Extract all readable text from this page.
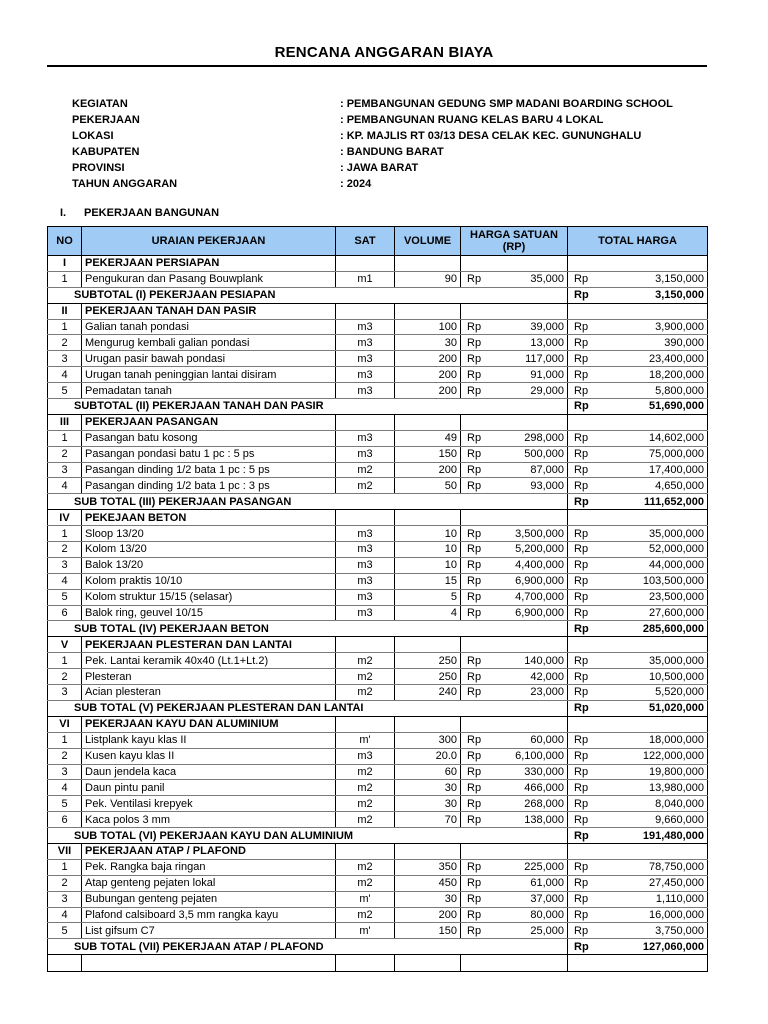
RENCANA ANGGARAN BIAYA
KEGIATAN	: PEMBANGUNAN GEDUNG SMP MADANI BOARDING SCHOOL
PEKERJAAN	: PEMBANGUNAN RUANG KELAS BARU 4 LOKAL
LOKASI	: KP. MAJLIS RT 03/13 DESA CELAK KEC. GUNUNGHALU
KABUPATEN	: BANDUNG BARAT
PROVINSI	: JAWA BARAT
TAHUN ANGGARAN	: 2024
I. PEKERJAAN BANGUNAN
NO	URAIAN PEKERJAAN	SAT	VOLUME	HARGA SATUAN (RP)		TOTAL HARGA	
I	PEKERJAAN PERSIAPAN						
1	Pengukuran dan Pasang Bouwplank	m1	90	Rp	35,000	Rp	3,150,000
SUBTOTAL (I) PEKERJAAN PESIAPAN						Rp	3,150,000
II	PEKERJAAN TANAH DAN PASIR						
1	Galian tanah pondasi	m3	100	Rp	39,000	Rp	3,900,000
2	Mengurug kembali galian pondasi	m3	30	Rp	13,000	Rp	390,000
3	Urugan pasir bawah pondasi	m3	200	Rp	117,000	Rp	23,400,000
4	Urugan tanah peninggian lantai disiram	m3	200	Rp	91,000	Rp	18,200,000
5	Pemadatan tanah	m3	200	Rp	29,000	Rp	5,800,000
SUBTOTAL (II) PEKERJAAN TANAH DAN PASIR						Rp	51,690,000
III	PEKERJAAN PASANGAN						
1	Pasangan batu kosong	m3	49	Rp	298,000	Rp	14,602,000
2	Pasangan pondasi batu 1 pc : 5 ps	m3	150	Rp	500,000	Rp	75,000,000
3	Pasangan dinding 1/2 bata 1 pc : 5 ps	m2	200	Rp	87,000	Rp	17,400,000
4	Pasangan dinding 1/2 bata 1 pc : 3 ps	m2	50	Rp	93,000	Rp	4,650,000
SUB TOTAL (III) PEKERJAAN PASANGAN						Rp	111,652,000
IV	PEKEJAAN BETON						
1	Sloop 13/20	m3	10	Rp	3,500,000	Rp	35,000,000
2	Kolom 13/20	m3	10	Rp	5,200,000	Rp	52,000,000
3	Balok 13/20	m3	10	Rp	4,400,000	Rp	44,000,000
4	Kolom praktis 10/10	m3	15	Rp	6,900,000	Rp	103,500,000
5	Kolom struktur 15/15 (selasar)	m3	5	Rp	4,700,000	Rp	23,500,000
6	Balok ring, geuvel 10/15	m3	4	Rp	6,900,000	Rp	27,600,000
SUB TOTAL (IV) PEKERJAAN BETON						Rp	285,600,000
V	PEKERJAAN PLESTERAN DAN LANTAI						
1	Pek. Lantai keramik 40x40 (Lt.1+Lt.2)	m2	250	Rp	140,000	Rp	35,000,000
2	Plesteran	m2	250	Rp	42,000	Rp	10,500,000
3	Acian plesteran	m2	240	Rp	23,000	Rp	5,520,000
SUB TOTAL (V) PEKERJAAN PLESTERAN DAN LANTAI						Rp	51,020,000
VI	PEKERJAAN KAYU DAN ALUMINIUM						
1	Listplank kayu klas II	m'	300	Rp	60,000	Rp	18,000,000
2	Kusen kayu klas II	m3	20.0	Rp	6,100,000	Rp	122,000,000
3	Daun jendela kaca	m2	60	Rp	330,000	Rp	19,800,000
4	Daun pintu panil	m2	30	Rp	466,000	Rp	13,980,000
5	Pek. Ventilasi krepyek	m2	30	Rp	268,000	Rp	8,040,000
6	Kaca polos 3 mm	m2	70	Rp	138,000	Rp	9,660,000
SUB TOTAL (VI) PEKERJAAN KAYU DAN ALUMINIUM						Rp	191,480,000
VII	PEKERJAAN ATAP / PLAFOND						
1	Pek. Rangka baja ringan	m2	350	Rp	225,000	Rp	78,750,000
2	Atap genteng pejaten lokal	m2	450	Rp	61,000	Rp	27,450,000
3	Bubungan genteng pejaten	m'	30	Rp	37,000	Rp	1,110,000
4	Plafond calsiboard 3,5 mm rangka kayu	m2	200	Rp	80,000	Rp	16,000,000
5	List gifsum C7	m'	150	Rp	25,000	Rp	3,750,000
SUB TOTAL (VII) PEKERJAAN ATAP / PLAFOND						Rp	127,060,000
